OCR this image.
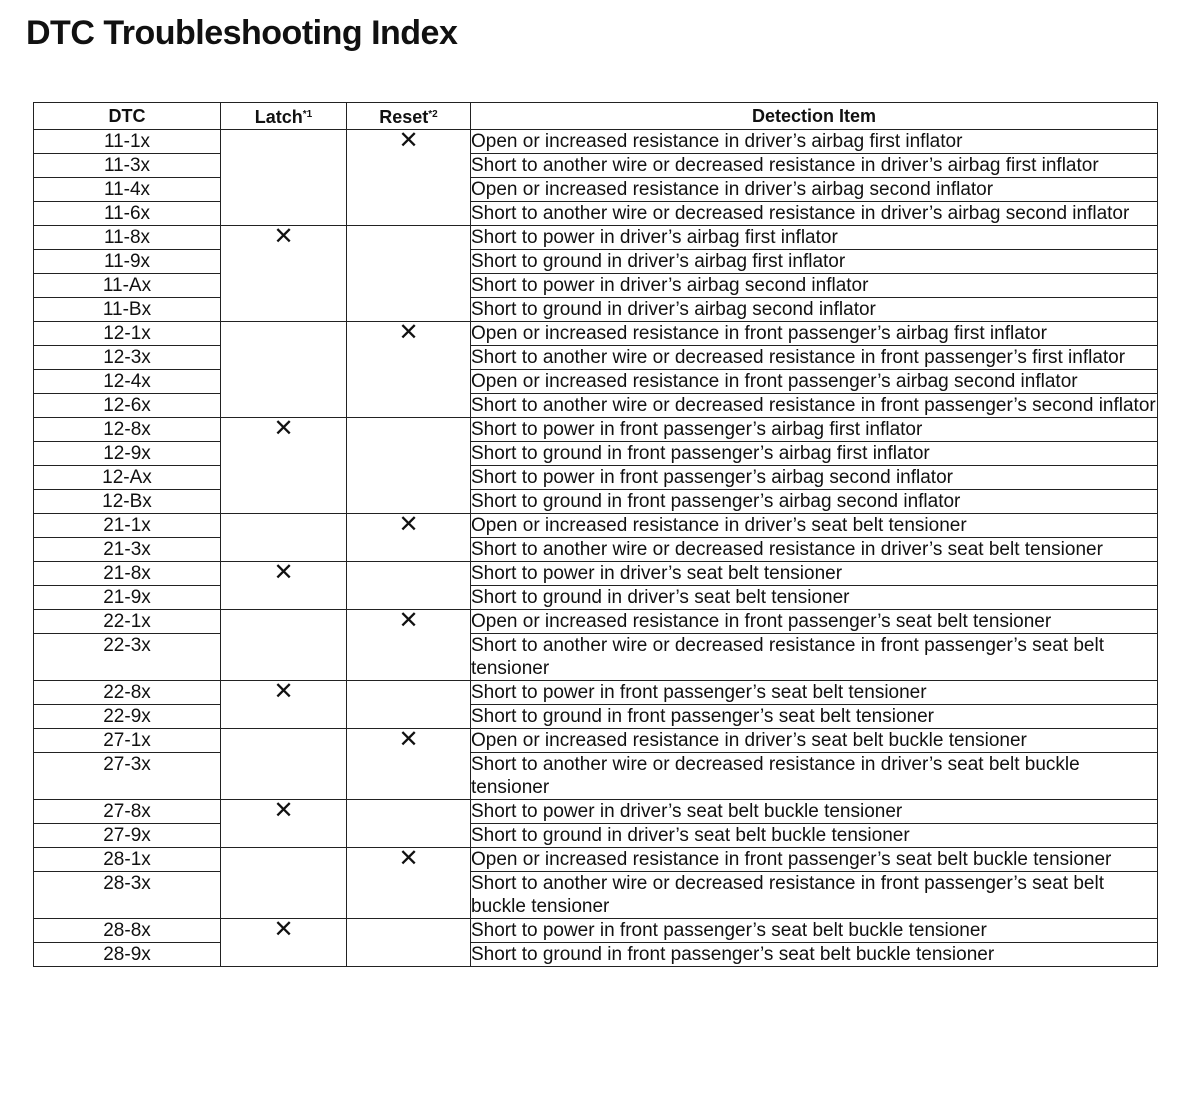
DTC Troubleshooting Index
DTC	Latch$^{*1}$	Reset$^{*2}$	Detection Item

11-1x		✕	Open or increased resistance in driver’s airbag first inflator

11-3x			Short to another wire or decreased resistance in driver’s airbag first inflator

11-4x			Open or increased resistance in driver’s airbag second inflator

11-6x			Short to another wire or decreased resistance in driver’s airbag second inflator

11-8x	✕		Short to power in driver’s airbag first inflator

11-9x			Short to ground in driver’s airbag first inflator

11-Ax			Short to power in driver’s airbag second inflator

11-Bx			Short to ground in driver’s airbag second inflator

12-1x		✕	Open or increased resistance in front passenger’s airbag first inflator

12-3x			Short to another wire or decreased resistance in front passenger’s first inflator

12-4x			Open or increased resistance in front passenger’s airbag second inflator

12-6x			Short to another wire or decreased resistance in front passenger’s second inflator

12-8x	✕		Short to power in front passenger’s airbag first inflator

12-9x			Short to ground in front passenger’s airbag first inflator

12-Ax			Short to power in front passenger’s airbag second inflator

12-Bx			Short to ground in front passenger’s airbag second inflator

21-1x		✕	Open or increased resistance in driver’s seat belt tensioner

21-3x			Short to another wire or decreased resistance in driver’s seat belt tensioner

21-8x	✕		Short to power in driver’s seat belt tensioner

21-9x			Short to ground in driver’s seat belt tensioner

22-1x		✕	Open or increased resistance in front passenger’s seat belt tensioner

22-3x			Short to another wire or decreased resistance in front passenger’s seat belt tensioner

22-8x	✕		Short to power in front passenger’s seat belt tensioner

22-9x			Short to ground in front passenger’s seat belt tensioner

27-1x		✕	Open or increased resistance in driver’s seat belt buckle tensioner

27-3x			Short to another wire or decreased resistance in driver’s seat belt buckle tensioner

27-8x	✕		Short to power in driver’s seat belt buckle tensioner

27-9x			Short to ground in driver’s seat belt buckle tensioner

28-1x		✕	Open or increased resistance in front passenger’s seat belt buckle tensioner

28-3x			Short to another wire or decreased resistance in front passenger’s seat belt buckle tensioner

28-8x	✕		Short to power in front passenger’s seat belt buckle tensioner

28-9x			Short to ground in front passenger’s seat belt buckle tensioner
